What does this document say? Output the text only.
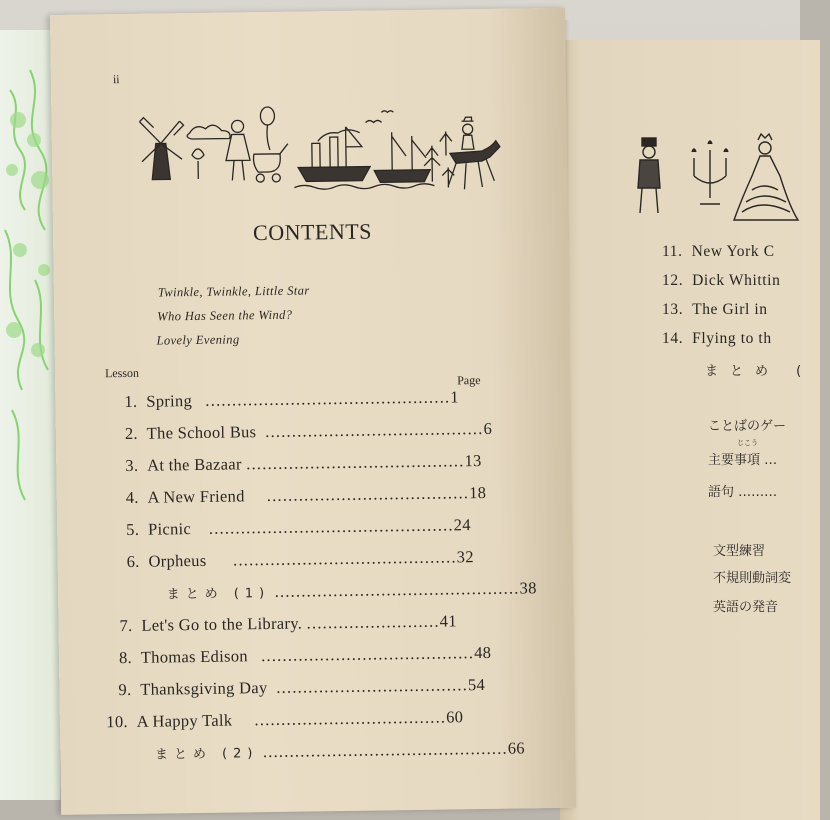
11. New York C
12. Dick Whittin
13. The Girl in
14. Flying to th
まとめ (
ことばのゲー
じこう
主要事項 …
語句 ………
文型練習
不規則動詞変
英語の発音
ii
CONTENTS
Twinkle, Twinkle, Little Star
Who Has Seen the Wind?
Lovely Evening
Lesson	Page
1. Spring ..............................................1
2. The School Bus .........................................6
3. At the Bazaar .........................................13
4. A New Friend ......................................18
5. Picnic ..............................................24
6. Orpheus ..........................................32
まとめ (1) ..............................................38
7. Let's Go to the Library. .........................41
8. Thomas Edison ........................................48
9. Thanksgiving Day ....................................54
10. A Happy Talk ....................................60
まとめ (2) ..............................................66
